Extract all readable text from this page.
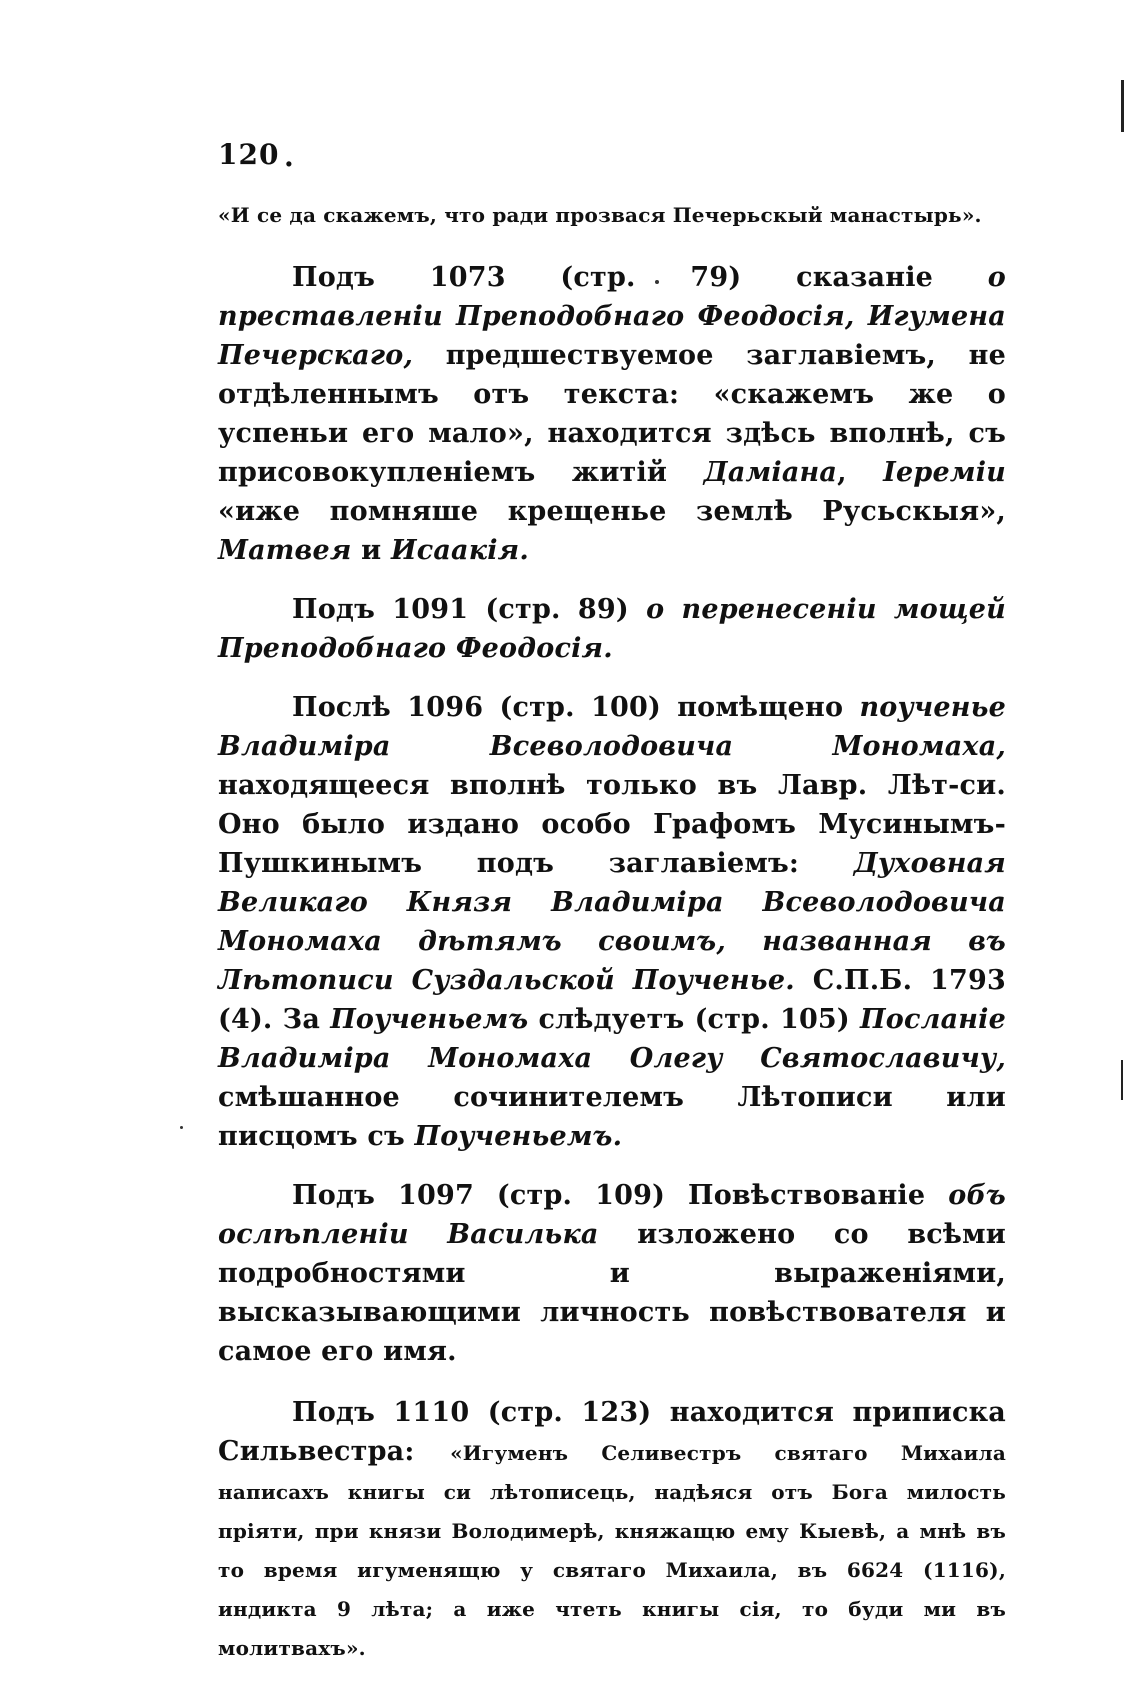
120 .

«И се да скажемъ, что ради прозвася Печерьскый манастырь».

Подъ 1073 (стр. 79) сказаніе о преставленіи Преподобнаго Феодосія, Игумена Печерскаго, предшествуемое заглавіемъ, не отдѣленнымъ отъ текста: «скажемъ же о успеньи его мало», находится здѣсь вполнѣ, съ присовокупленіемъ житій Даміана, Іереміи «иже помняше крещенье землѣ Русьскыя», Матвея и Исаакія.

Подъ 1091 (стр. 89) о перенесеніи мощей Преподобнаго Феодосія.

Послѣ 1096 (стр. 100) помѣщено поученье Владиміра Всеволодовича Мономаха, находящееся вполнѣ только въ Лавр. Лѣт-си. Оно было издано особо Графомъ Мусинымъ-Пушкинымъ подъ заглавіемъ: Духовная Великаго Князя Владиміра Всеволодовича Мономаха дѣтямъ своимъ, названная въ Лѣтописи Суздальской Поученье. С.П.Б. 1793 (4). За Поученьемъ слѣдуетъ (стр. 105) Посланіе Владиміра Мономаха Олегу Святославичу, смѣшанное сочинителемъ Лѣтописи или писцомъ съ Поученьемъ.

Подъ 1097 (стр. 109) Повѣствованіе объ ослѣпленіи Василька изложено со всѣми подробностями и выраженіями, высказывающими личность повѣствователя и самое его имя.

Подъ 1110 (стр. 123) находится приписка Сильвестра: «Игуменъ Селивестръ святаго Михаила написахъ книгы си лѣтописець, надѣяся отъ Бога милость пріяти, при князи Володимерѣ, княжащю ему Кыевѣ, а мнѣ въ то время игуменящю у святаго Михаила, въ 6624 (1116), индикта 9 лѣта; а иже чтеть книгы сія, то буди ми въ молитвахъ».
